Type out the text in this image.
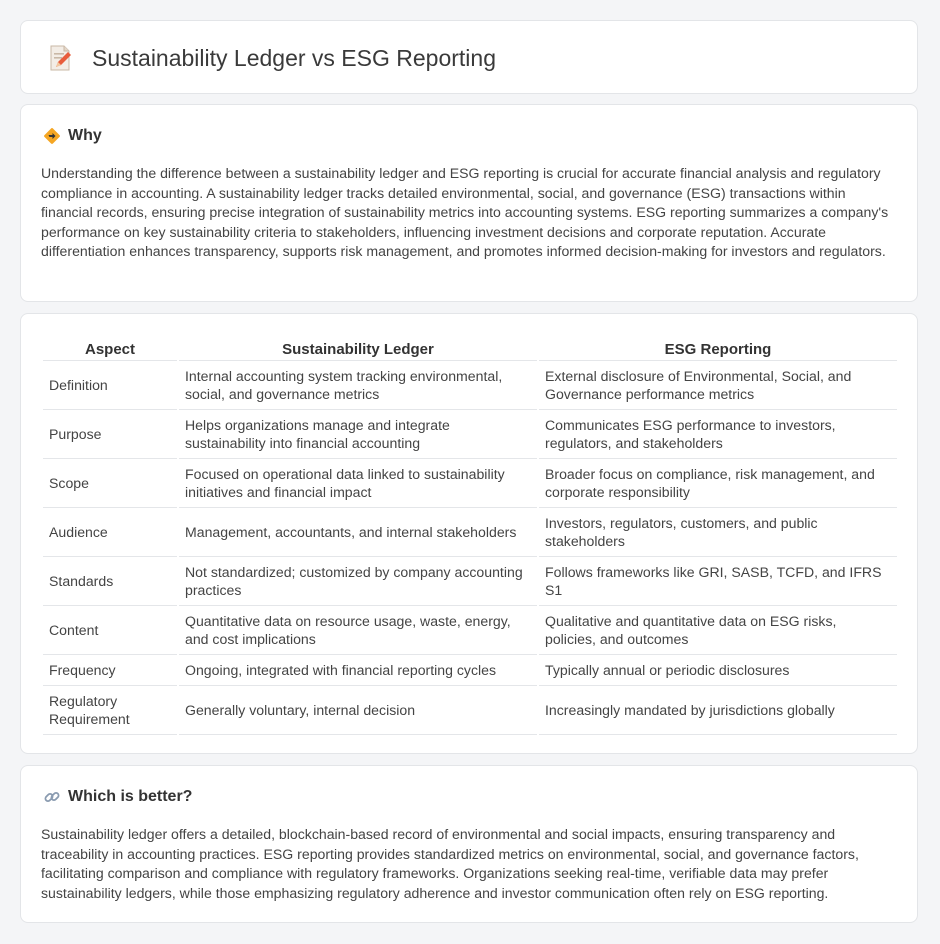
Sustainability Ledger vs ESG Reporting
Why

Understanding the difference between a sustainability ledger and ESG reporting is crucial for accurate financial analysis and regulatory compliance in accounting. A sustainability ledger tracks detailed environmental, social, and governance (ESG) transactions within financial records, ensuring precise integration of sustainability metrics into accounting systems. ESG reporting summarizes a company's performance on key sustainability criteria to stakeholders, influencing investment decisions and corporate reputation. Accurate differentiation enhances transparency, supports risk management, and promotes informed decision-making for investors and regulators.

Aspect	Sustainability Ledger	ESG Reporting
Definition	Internal accounting system tracking environmental, social, and governance metrics	External disclosure of Environmental, Social, and Governance performance metrics
Purpose	Helps organizations manage and integrate sustainability into financial accounting	Communicates ESG performance to investors, regulators, and stakeholders
Scope	Focused on operational data linked to sustainability initiatives and financial impact	Broader focus on compliance, risk management, and corporate responsibility
Audience	Management, accountants, and internal stakeholders	Investors, regulators, customers, and public stakeholders
Standards	Not standardized; customized by company accounting practices	Follows frameworks like GRI, SASB, TCFD, and IFRS S1
Content	Quantitative data on resource usage, waste, energy, and cost implications	Qualitative and quantitative data on ESG risks, policies, and outcomes
Frequency	Ongoing, integrated with financial reporting cycles	Typically annual or periodic disclosures
Regulatory Requirement	Generally voluntary, internal decision	Increasingly mandated by jurisdictions globally
Which is better?

Sustainability ledger offers a detailed, blockchain-based record of environmental and social impacts, ensuring transparency and traceability in accounting practices. ESG reporting provides standardized metrics on environmental, social, and governance factors, facilitating comparison and compliance with regulatory frameworks. Organizations seeking real-time, verifiable data may prefer sustainability ledgers, while those emphasizing regulatory adherence and investor communication often rely on ESG reporting.
